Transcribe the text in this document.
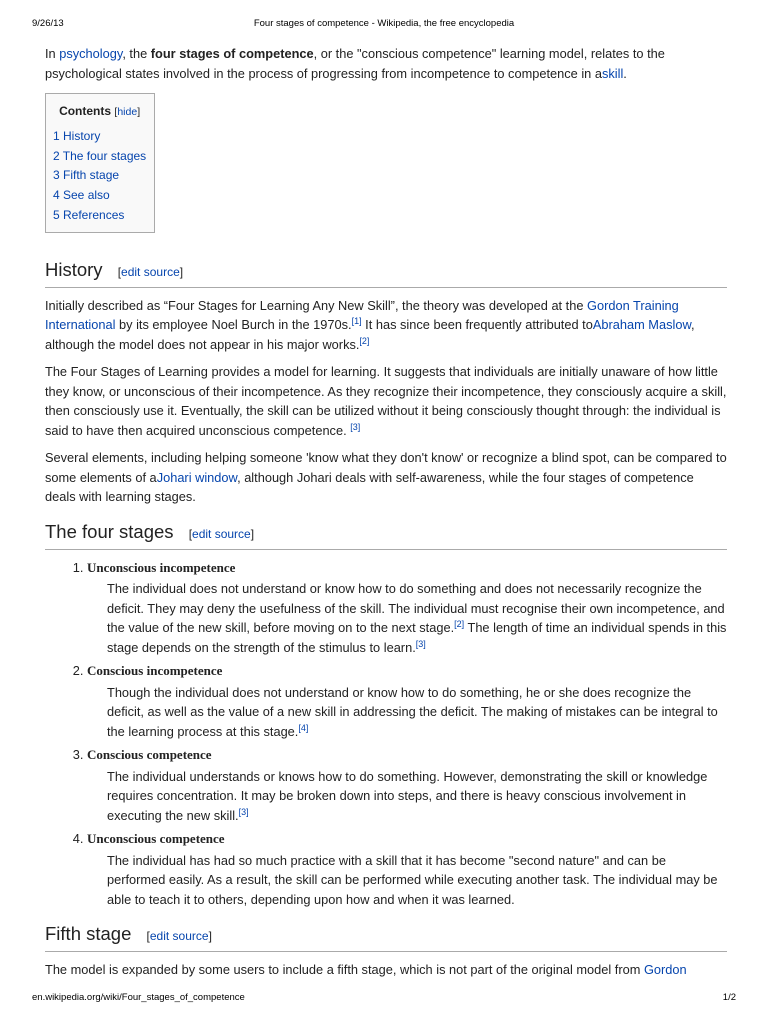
9/26/13	Four stages of competence - Wikipedia, the free encyclopedia

In psychology, the four stages of competence, or the "conscious competence" learning model, relates to the psychological states involved in the process of progressing from incompetence to competence in askill.

Contents [hide]
1 History
2 The four stages
3 Fifth stage
4 See also
5 References
History [edit source]

Initially described as “Four Stages for Learning Any New Skill”, the theory was developed at the Gordon Training International by its employee Noel Burch in the 1970s.[1] It has since been frequently attributed toAbraham Maslow, although the model does not appear in his major works.[2]

The Four Stages of Learning provides a model for learning. It suggests that individuals are initially unaware of how little they know, or unconscious of their incompetence. As they recognize their incompetence, they consciously acquire a skill, then consciously use it. Eventually, the skill can be utilized without it being consciously thought through: the individual is said to have then acquired unconscious competence. [3]

Several elements, including helping someone 'know what they don't know' or recognize a blind spot, can be compared to some elements of aJohari window, although Johari deals with self-awareness, while the four stages of competence deals with learning stages.

The four stages [edit source]
1. Unconscious incompetence
The individual does not understand or know how to do something and does not necessarily recognize the deficit. They may deny the usefulness of the skill. The individual must recognise their own incompetence, and the value of the new skill, before moving on to the next stage.[2] The length of time an individual spends in this stage depends on the strength of the stimulus to learn.[3]
2. Conscious incompetence
Though the individual does not understand or know how to do something, he or she does recognize the deficit, as well as the value of a new skill in addressing the deficit. The making of mistakes can be integral to the learning process at this stage.[4]
3. Conscious competence
The individual understands or knows how to do something. However, demonstrating the skill or knowledge requires concentration. It may be broken down into steps, and there is heavy conscious involvement in executing the new skill.[3]
4. Unconscious competence
The individual has had so much practice with a skill that it has become "second nature" and can be performed easily. As a result, the skill can be performed while executing another task. The individual may be able to teach it to others, depending upon how and when it was learned.
Fifth stage [edit source]

The model is expanded by some users to include a fifth stage, which is not part of the original model from Gordon

en.wikipedia.org/wiki/Four_stages_of_competence	1/2
